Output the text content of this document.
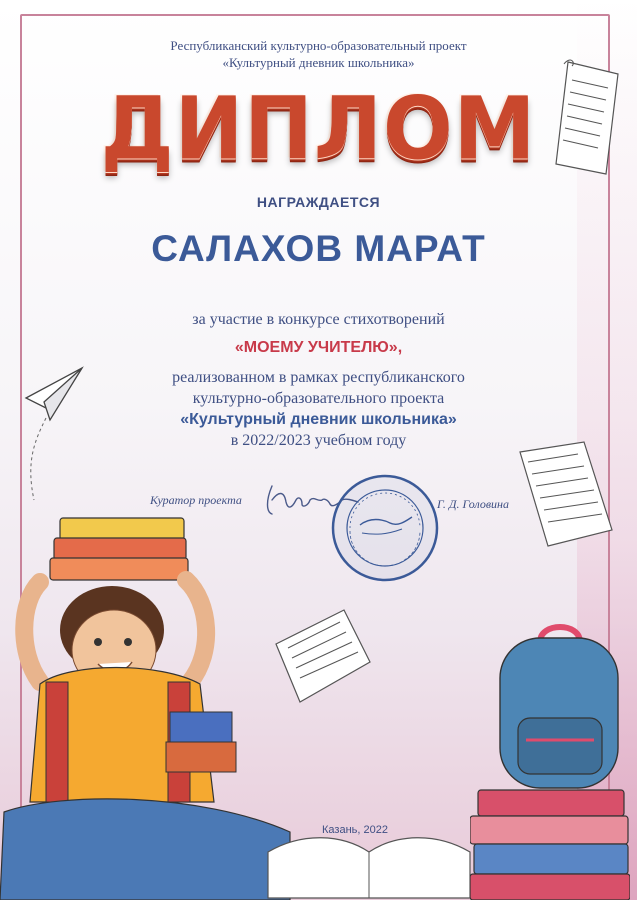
Республиканский культурно-образовательный проект
«Культурный дневник школьника»
ДИПЛОМ
НАГРАЖДАЕТСЯ
САЛАХОВ МАРАТ
за участие в конкурсе стихотворений
«МОЕМУ УЧИТЕЛЮ»,
реализованном в рамках республиканского
культурно-образовательного проекта
«Культурный дневник школьника»
в 2022/2023 учебном году
Куратор проекта	Г. Д. Головина
Казань, 2022
